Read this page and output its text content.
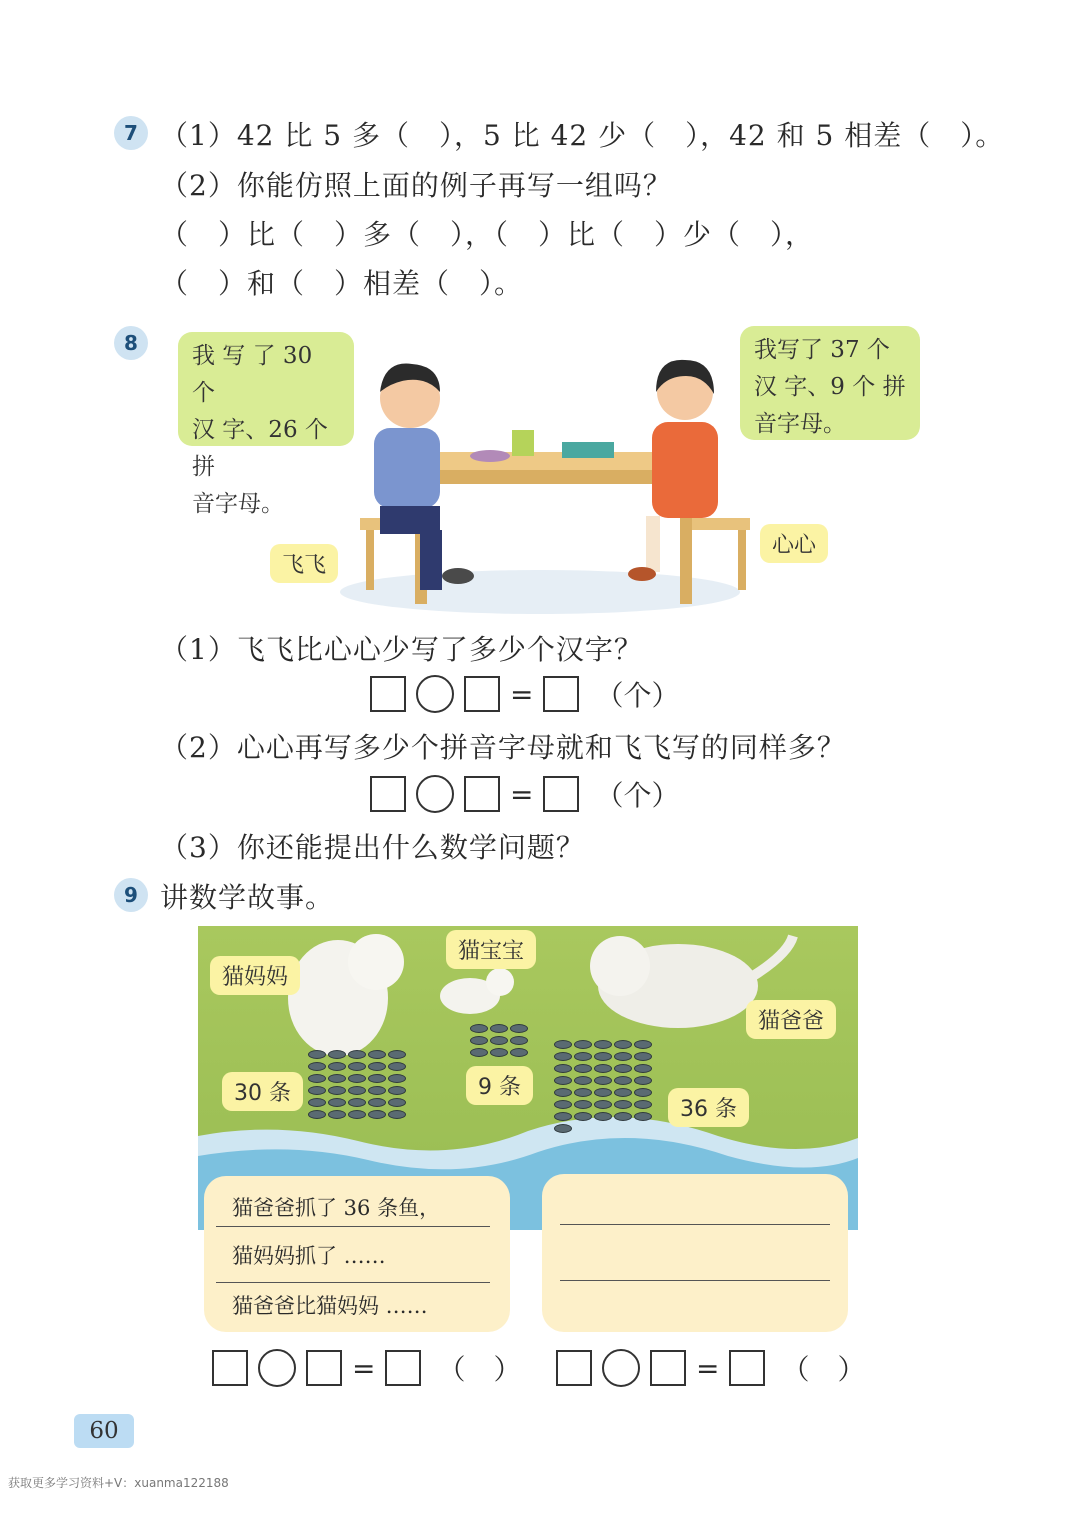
7 （1）42 比 5 多（　），5 比 42 少（　），42 和 5 相差（　）。
（2）你能仿照上面的例子再写一组吗？
（　）比（　）多（　），（　）比（　）少（　），
（　）和（　）相差（　）。
8	我 写 了 30 个
汉 字、26 个 拼
音字母。
我写了 37 个
汉 字、9 个 拼
音字母。
飞飞
心心
（1）飞飞比心心少写了多少个汉字？
= （个）
（2）心心再写多少个拼音字母就和飞飞写的同样多？
= （个）
（3）你还能提出什么数学问题？
9 讲数学故事。
猫妈妈
猫宝宝
猫爸爸
30 条	9 条
36 条
猫爸爸抓了 36 条鱼，
猫妈妈抓了 ……
猫爸爸比猫妈妈 ……
= （　）	= （　）
60
获取更多学习资料+V：xuanma122188
